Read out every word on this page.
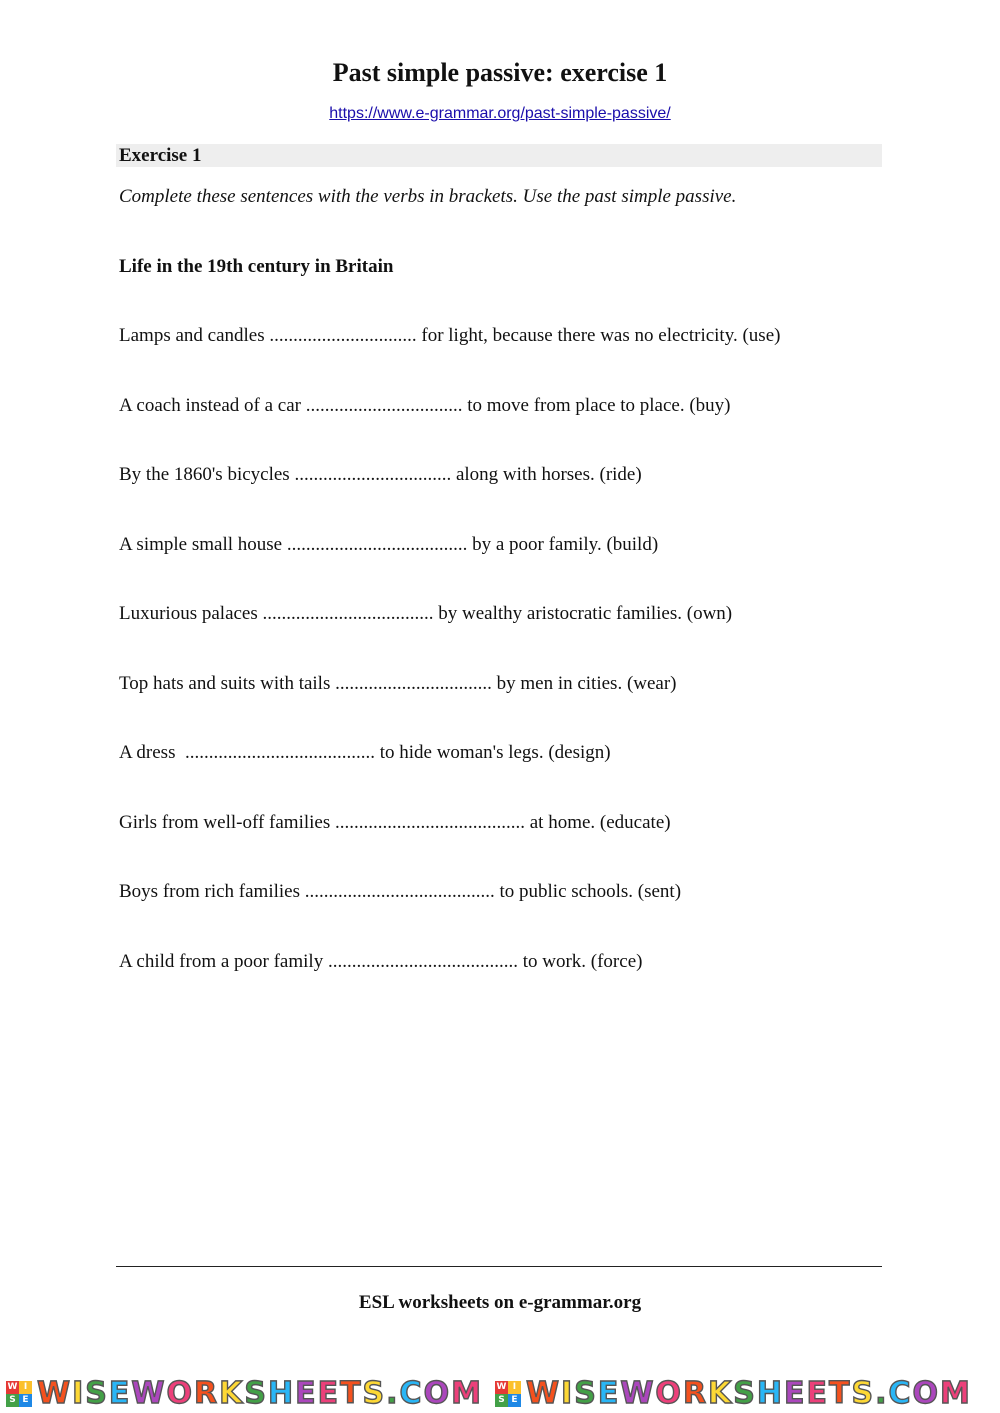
Past simple passive: exercise 1
https://www.e-grammar.org/past-simple-passive/
Exercise 1
Complete these sentences with the verbs in brackets. Use the past simple passive.
Life in the 19th century in Britain
Lamps and candles ............................... for light, because there was no electricity. (use)
A coach instead of a car ................................. to move from place to place. (buy)
By the 1860's bicycles ................................. along with horses. (ride)
A simple small house ...................................... by a poor family. (build)
Luxurious palaces .................................... by wealthy aristocratic families. (own)
Top hats and suits with tails ................................. by men in cities. (wear)
A dress  ........................................ to hide woman's legs. (design)
Girls from well-off families ........................................ at home. (educate)
Boys from rich families ........................................ to public schools. (sent)
A child from a poor family ........................................ to work. (force)
ESL worksheets on e-grammar.org
W I
S E WISEWORKSHEETS.COM W I
S E WISEWORKSHEETS.COM
